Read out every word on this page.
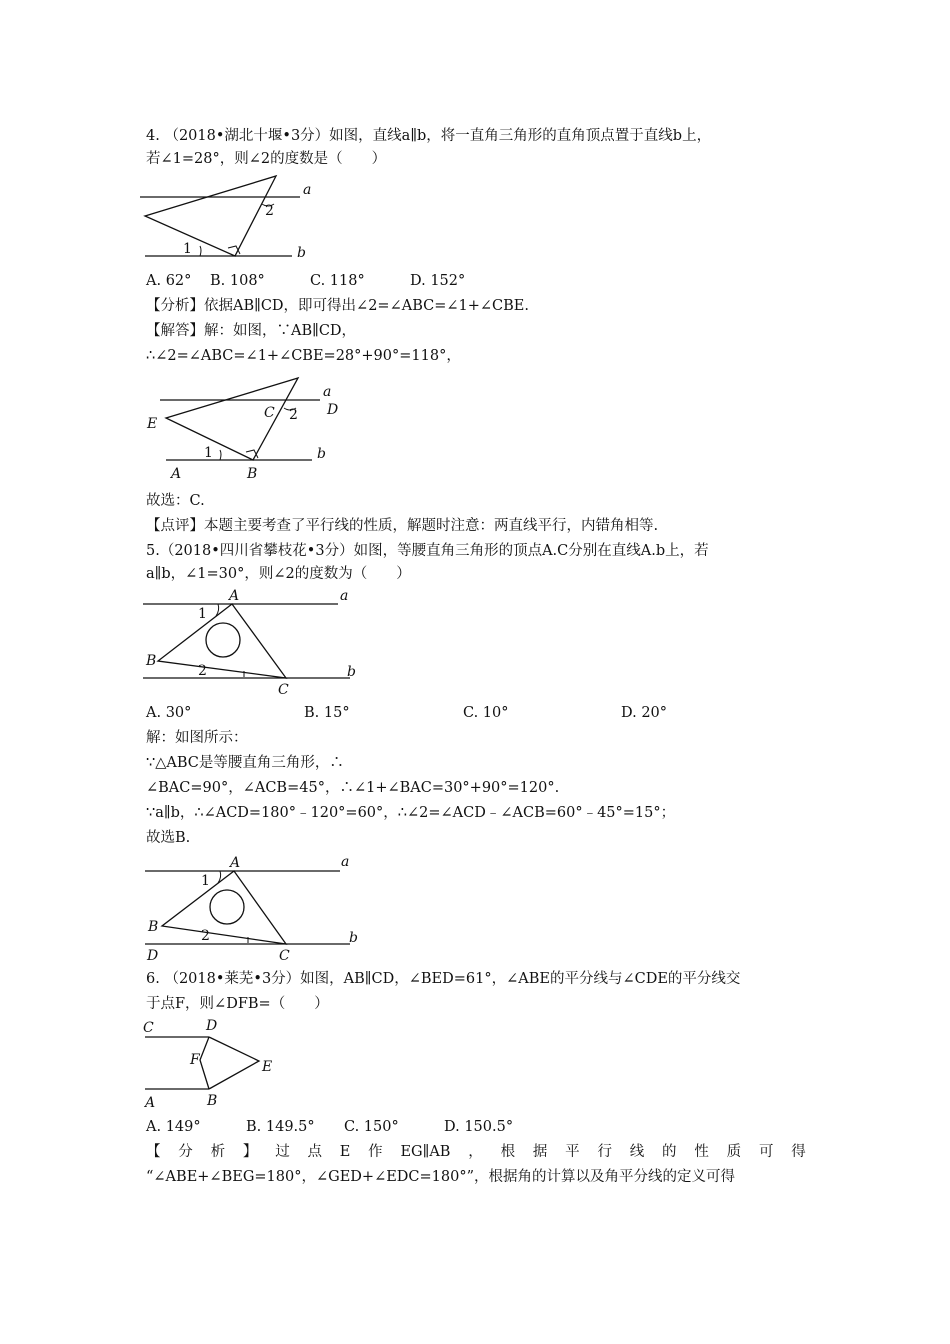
4. （2018•湖北十堰•3分）如图，直线a∥b，将一直角三角形的直角顶点置于直线b上，
若∠1=28°，则∠2的度数是（　　）
a
b
1
2
A. 62° B. 108°	C. 118°	D. 152°
【分析】依据AB∥CD，即可得出∠2=∠ABC=∠1+∠CBE.
【解答】解：如图，∵AB∥CD，
∴∠2=∠ABC=∠1+∠CBE=28°+90°=118°，
a
D
b
E
1
2
C
A	B
故选：C.
【点评】本题主要考查了平行线的性质，解题时注意：两直线平行，内错角相等.
5.（2018•四川省攀枝花•3分）如图，等腰直角三角形的顶点A.C分别在直线A.b上，若
a∥b，∠1=30°，则∠2的度数为（　　）
a
b
A
B
C
1
2
A. 30°	B. 15°	C. 10°	D. 20°
解：如图所示：
∵△ABC是等腰直角三角形，∴
∠BAC=90°，∠ACB=45°，∴∠1+∠BAC=30°+90°=120°.
∵a∥b，∴∠ACD=180°﹣120°=60°，∴∠2=∠ACD﹣∠ACB=60°﹣45°=15°；
故选B.
a
b
A
B
C
D
1
2
6. （2018•莱芜•3分）如图，AB∥CD，∠BED=61°，∠ABE的平分线与∠CDE的平分线交
于点F，则∠DFB=（　　）
C	D
F	E
A	B
A. 149°	B. 149.5° C. 150°	D. 150.5°
【 分 析 】 过 点 E 作 EG∥AB ， 根 据 平 行 线 的 性 质 可 得
“∠ABE+∠BEG=180°，∠GED+∠EDC=180°”，根据角的计算以及角平分线的定义可得
